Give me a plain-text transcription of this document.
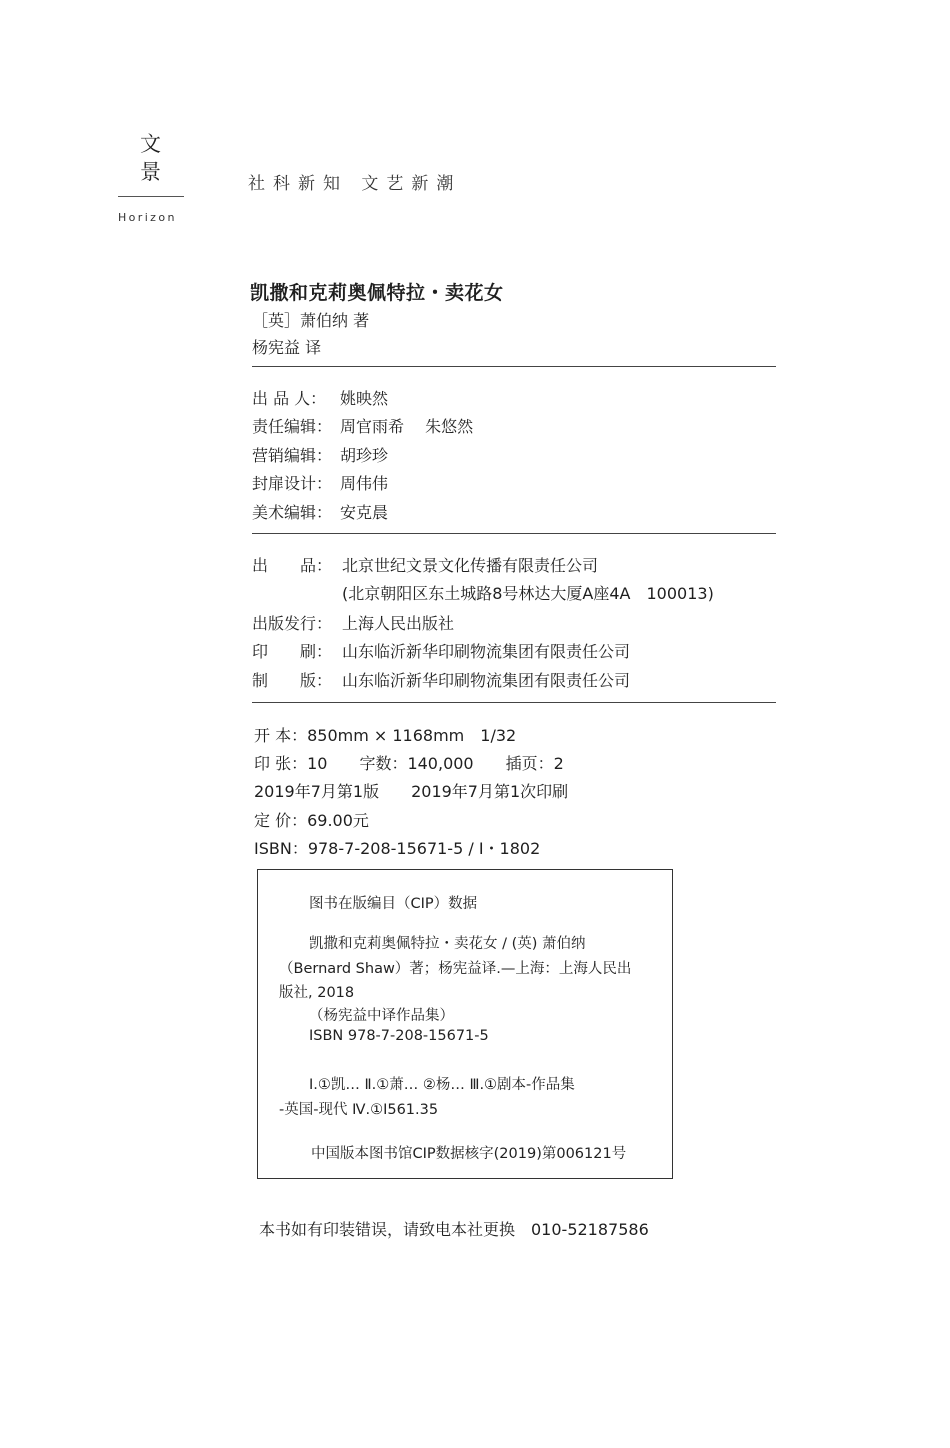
文
景
Horizon
社科新知 文艺新潮
凯撒和克莉奥佩特拉・卖花女
［英］萧伯纳 著
杨宪益 译
出 品 人： 姚映然
责任编辑： 周官雨希　 朱悠然
营销编辑： 胡珍珍
封扉设计： 周伟伟
美术编辑： 安克晨
出　　品： 北京世纪文景文化传播有限责任公司
(北京朝阳区东土城路8号林达大厦A座4A　100013)
出版发行： 上海人民出版社
印　　刷： 山东临沂新华印刷物流集团有限责任公司
制　　版： 山东临沂新华印刷物流集团有限责任公司
开 本：850mm × 1168mm　1/32
印 张：10　　字数：140,000　　插页：2
2019年7月第1版　　2019年7月第1次印刷
定 价：69.00元
ISBN：978-7-208-15671-5 / I・1802
图书在版编目（CIP）数据
凯撒和克莉奥佩特拉・卖花女 / (英) 萧伯纳
（Bernard Shaw）著；杨宪益译.—上海：上海人民出
版社, 2018
（杨宪益中译作品集）
ISBN 978-7-208-15671-5
Ⅰ.①凯… Ⅱ.①萧… ②杨… Ⅲ.①剧本-作品集
-英国-现代 Ⅳ.①I561.35
中国版本图书馆CIP数据核字(2019)第006121号
本书如有印装错误，请致电本社更换　010-52187586
